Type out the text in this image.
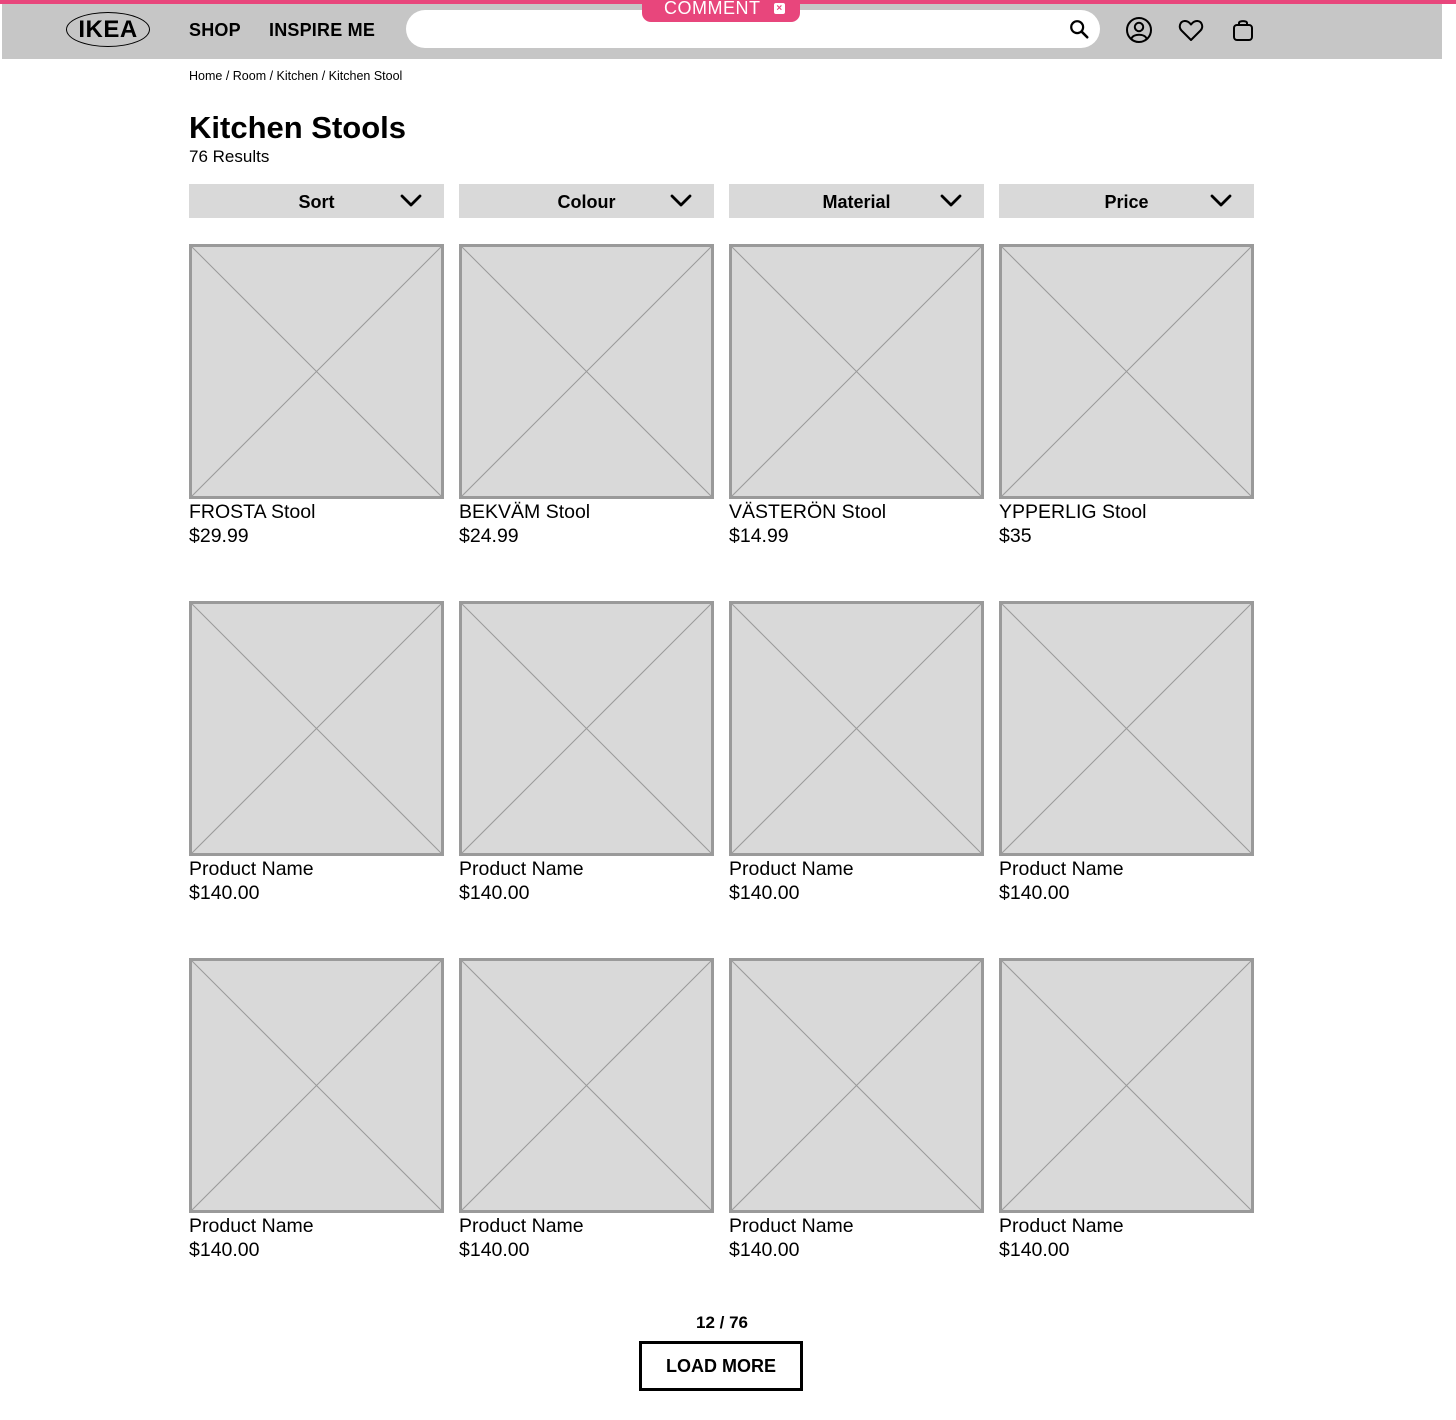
IKEA	SHOP INSPIRE ME
COMMENT ×
Home / Room / Kitchen / Kitchen Stool
Kitchen Stools
76 Results
Sort	Colour	Material	Price
FROSTA Stool
$29.99
BEKVÄM Stool
$24.99
VÄSTERÖN Stool
$14.99
YPPERLIG Stool
$35
Product Name
$140.00
Product Name
$140.00
Product Name
$140.00
Product Name
$140.00
Product Name
$140.00
Product Name
$140.00
Product Name
$140.00
Product Name
$140.00
12 / 76
LOAD MORE
